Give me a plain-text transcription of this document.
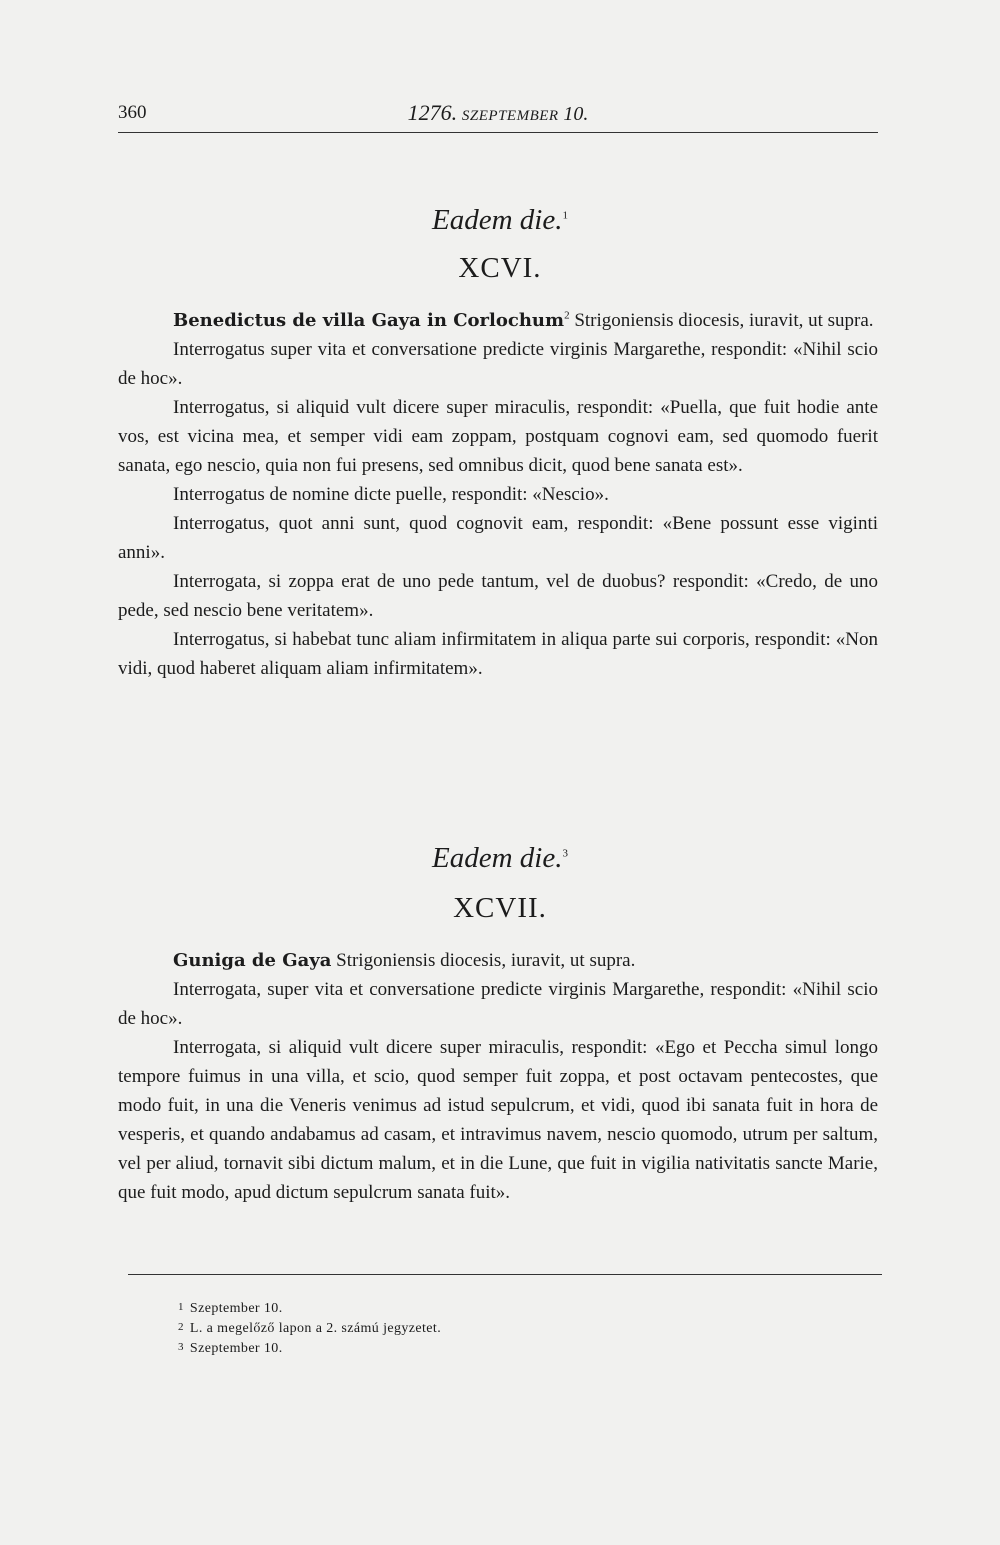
360	1276. SZEPTEMBER 10.
Eadem die.$^1$
XCVI.

Benedictus de villa Gaya in Corlochum$^2$ Strigoniensis diocesis, iuravit, ut supra.

Interrogatus super vita et conversatione predicte virginis Margarethe, respondit: «Nihil scio de hoc».

Interrogatus, si aliquid vult dicere super miraculis, respondit: «Puella, que fuit hodie ante vos, est vicina mea, et semper vidi eam zoppam, postquam cognovi eam, sed quomodo fuerit sanata, ego nescio, quia non fui presens, sed omnibus dicit, quod bene sanata est».

Interrogatus de nomine dicte puelle, respondit: «Nescio».

Interrogatus, quot anni sunt, quod cognovit eam, respondit: «Bene possunt esse viginti anni».

Interrogata, si zoppa erat de uno pede tantum, vel de duobus? respondit: «Credo, de uno pede, sed nescio bene veritatem».

Interrogatus, si habebat tunc aliam infirmitatem in aliqua parte sui corporis, respondit: «Non vidi, quod haberet aliquam aliam infirmitatem».

Eadem die.$^3$
XCVII.

Guniga de Gaya Strigoniensis diocesis, iuravit, ut supra.

Interrogata, super vita et conversatione predicte virginis Margarethe, respondit: «Nihil scio de hoc».

Interrogata, si aliquid vult dicere super miraculis, respondit: «Ego et Peccha simul longo tempore fuimus in una villa, et scio, quod semper fuit zoppa, et post octavam pentecostes, que modo fuit, in una die Veneris venimus ad istud sepulcrum, et vidi, quod ibi sanata fuit in hora de vesperis, et quando andabamus ad casam, et intravimus navem, nescio quomodo, utrum per saltum, vel per aliud, tornavit sibi dictum malum, et in die Lune, que fuit in vigilia nativitatis sancte Marie, que fuit modo, apud dictum sepulcrum sanata fuit».

1 Szeptember 10.
2 L. a megelőző lapon a 2. számú jegyzetet.
3 Szeptember 10.
